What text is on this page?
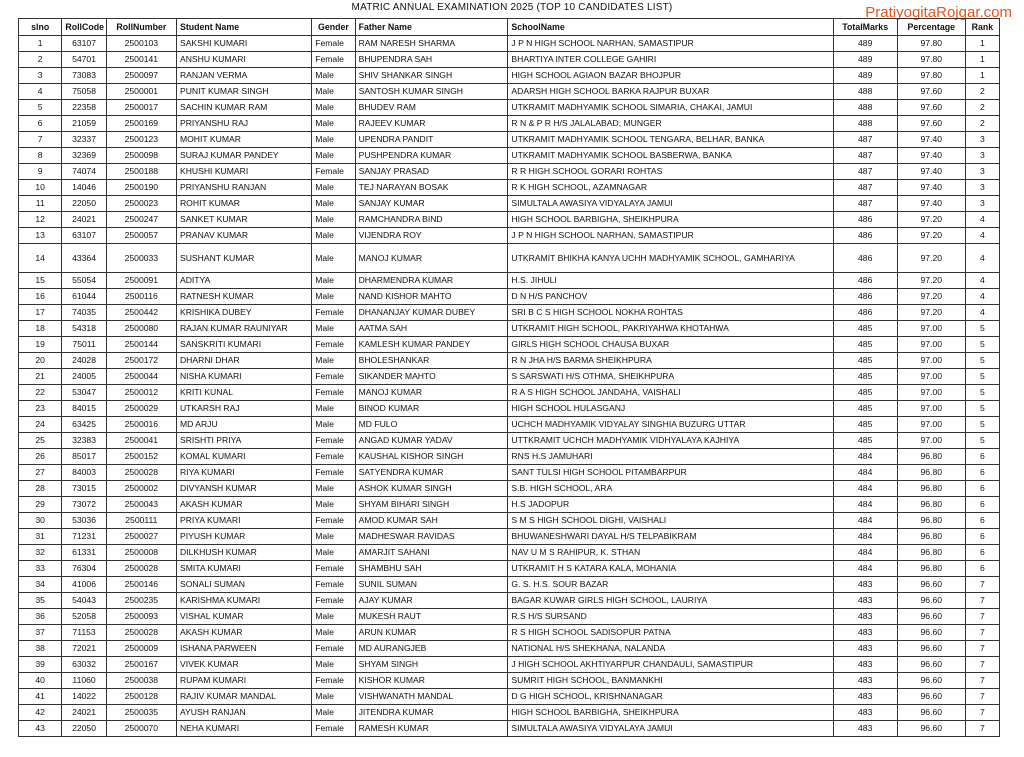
MATRIC ANNUAL EXAMINATION 2025 (TOP 10 CANDIDATES LIST)	PratiyogitaRojgar.com
slno	RollCode	RollNumber	Student Name	Gender	Father Name	SchoolName	TotalMarks	Percentage	Rank
1	63107	2500103	SAKSHI KUMARI	Female	RAM NARESH SHARMA	J P N HIGH SCHOOL NARHAN, SAMASTIPUR	489	97.80	1
2	54701	2500141	ANSHU KUMARI	Female	BHUPENDRA SAH	BHARTIYA INTER COLLEGE GAHIRI	489	97.80	1
3	73083	2500097	RANJAN VERMA	Male	SHIV SHANKAR SINGH	HIGH SCHOOL AGIAON BAZAR BHOJPUR	489	97.80	1
4	75058	2500001	PUNIT KUMAR SINGH	Male	SANTOSH KUMAR SINGH	ADARSH HIGH SCHOOL BARKA RAJPUR BUXAR	488	97.60	2
5	22358	2500017	SACHIN KUMAR RAM	Male	BHUDEV RAM	UTKRAMIT MADHYAMIK SCHOOL SIMARIA, CHAKAI, JAMUI	488	97.60	2
6	21059	2500169	PRIYANSHU RAJ	Male	RAJEEV KUMAR	R N & P R H/S JALALABAD, MUNGER	488	97.60	2
7	32337	2500123	MOHIT KUMAR	Male	UPENDRA PANDIT	UTKRAMIT MADHYAMIK SCHOOL TENGARA, BELHAR, BANKA	487	97.40	3
8	32369	2500098	SURAJ KUMAR PANDEY	Male	PUSHPENDRA KUMAR	UTKRAMIT MADHYAMIK SCHOOL BASBERWA, BANKA	487	97.40	3
9	74074	2500188	KHUSHI KUMARI	Female	SANJAY PRASAD	R R HIGH SCHOOL GORARI ROHTAS	487	97.40	3
10	14046	2500190	PRIYANSHU RANJAN	Male	TEJ NARAYAN BOSAK	R K HIGH SCHOOL, AZAMNAGAR	487	97.40	3
11	22050	2500023	ROHIT KUMAR	Male	SANJAY KUMAR	SIMULTALA AWASIYA VIDYALAYA JAMUI	487	97.40	3
12	24021	2500247	SANKET KUMAR	Male	RAMCHANDRA BIND	HIGH SCHOOL BARBIGHA, SHEIKHPURA	486	97.20	4
13	63107	2500057	PRANAV KUMAR	Male	VIJENDRA ROY	J P N HIGH SCHOOL NARHAN, SAMASTIPUR	486	97.20	4
14	43364	2500033	SUSHANT KUMAR	Male	MANOJ KUMAR	UTKRAMIT BHIKHA KANYA UCHH MADHYAMIK SCHOOL, GAMHARIYA	486	97.20	4
15	55054	2500091	ADITYA	Male	DHARMENDRA KUMAR	H.S. JIHULI	486	97.20	4
16	61044	2500116	RATNESH KUMAR	Male	NAND KISHOR MAHTO	D N H/S PANCHOV	486	97.20	4
17	74035	2500442	KRISHIKA DUBEY	Female	DHANANJAY KUMAR DUBEY	SRI B C S HIGH SCHOOL NOKHA ROHTAS	486	97.20	4
18	54318	2500080	RAJAN KUMAR RAUNIYAR	Male	AATMA SAH	UTKRAMIT HIGH SCHOOL, PAKRIYAHWA KHOTAHWA	485	97.00	5
19	75011	2500144	SANSKRITI KUMARI	Female	KAMLESH KUMAR PANDEY	GIRLS HIGH SCHOOL CHAUSA BUXAR	485	97.00	5
20	24028	2500172	DHARNI DHAR	Male	BHOLESHANKAR	R N JHA H/S BARMA SHEIKHPURA	485	97.00	5
21	24005	2500044	NISHA KUMARI	Female	SIKANDER MAHTO	S SARSWATI H/S OTHMA, SHEIKHPURA	485	97.00	5
22	53047	2500012	KRITI KUNAL	Female	MANOJ KUMAR	R A S HIGH SCHOOL JANDAHA, VAISHALI	485	97.00	5
23	84015	2500029	UTKARSH RAJ	Male	BINOD KUMAR	HIGH SCHOOL HULASGANJ	485	97.00	5
24	63425	2500016	MD ARJU	Male	MD FULO	UCHCH MADHYAMIK VIDYALAY SINGHIA BUZURG UTTAR	485	97.00	5
25	32383	2500041	SRISHTI PRIYA	Female	ANGAD KUMAR YADAV	UTTKRAMIT UCHCH MADHYAMIK VIDHYALAYA KAJHIYA	485	97.00	5
26	85017	2500152	KOMAL KUMARI	Female	KAUSHAL KISHOR SINGH	RNS H.S JAMUHARI	484	96.80	6
27	84003	2500028	RIYA KUMARI	Female	SATYENDRA KUMAR	SANT TULSI HIGH SCHOOL PITAMBARPUR	484	96.80	6
28	73015	2500002	DIVYANSH KUMAR	Male	ASHOK KUMAR SINGH	S.B. HIGH SCHOOL, ARA	484	96.80	6
29	73072	2500043	AKASH KUMAR	Male	SHYAM BIHARI SINGH	H.S JADOPUR	484	96.80	6
30	53036	2500111	PRIYA KUMARI	Female	AMOD KUMAR SAH	S M S HIGH SCHOOL DIGHI, VAISHALI	484	96.80	6
31	71231	2500027	PIYUSH KUMAR	Male	MADHESWAR RAVIDAS	BHUWANESHWARI DAYAL H/S TELPABIKRAM	484	96.80	6
32	61331	2500008	DILKHUSH KUMAR	Male	AMARJIT SAHANI	NAV U M S RAHIPUR, K. STHAN	484	96.80	6
33	76304	2500028	SMITA KUMARI	Female	SHAMBHU SAH	UTKRAMIT H S KATARA KALA, MOHANIA	484	96.80	6
34	41006	2500146	SONALI SUMAN	Female	SUNIL SUMAN	G. S. H.S. SOUR BAZAR	483	96.60	7
35	54043	2500235	KARISHMA KUMARI	Female	AJAY KUMAR	BAGAR KUWAR GIRLS HIGH SCHOOL, LAURIYA	483	96.60	7
36	52058	2500093	VISHAL KUMAR	Male	MUKESH RAUT	R.S H/S SURSAND	483	96.60	7
37	71153	2500028	AKASH KUMAR	Male	ARUN KUMAR	R S HIGH SCHOOL SADISOPUR PATNA	483	96.60	7
38	72021	2500009	ISHANA PARWEEN	Female	MD AURANGJEB	NATIONAL H/S SHEKHANA, NALANDA	483	96.60	7
39	63032	2500167	VIVEK KUMAR	Male	SHYAM SINGH	J HIGH SCHOOL AKHTIYARPUR CHANDAULI, SAMASTIPUR	483	96.60	7
40	11060	2500038	RUPAM KUMARI	Female	KISHOR KUMAR	SUMRIT HIGH SCHOOL, BANMANKHI	483	96.60	7
41	14022	2500128	RAJIV KUMAR MANDAL	Male	VISHWANATH MANDAL	D G HIGH SCHOOL, KRISHNANAGAR	483	96.60	7
42	24021	2500035	AYUSH RANJAN	Male	JITENDRA KUMAR	HIGH SCHOOL BARBIGHA, SHEIKHPURA	483	96.60	7
43	22050	2500070	NEHA KUMARI	Female	RAMESH KUMAR	SIMULTALA AWASIYA VIDYALAYA JAMUI	483	96.60	7
